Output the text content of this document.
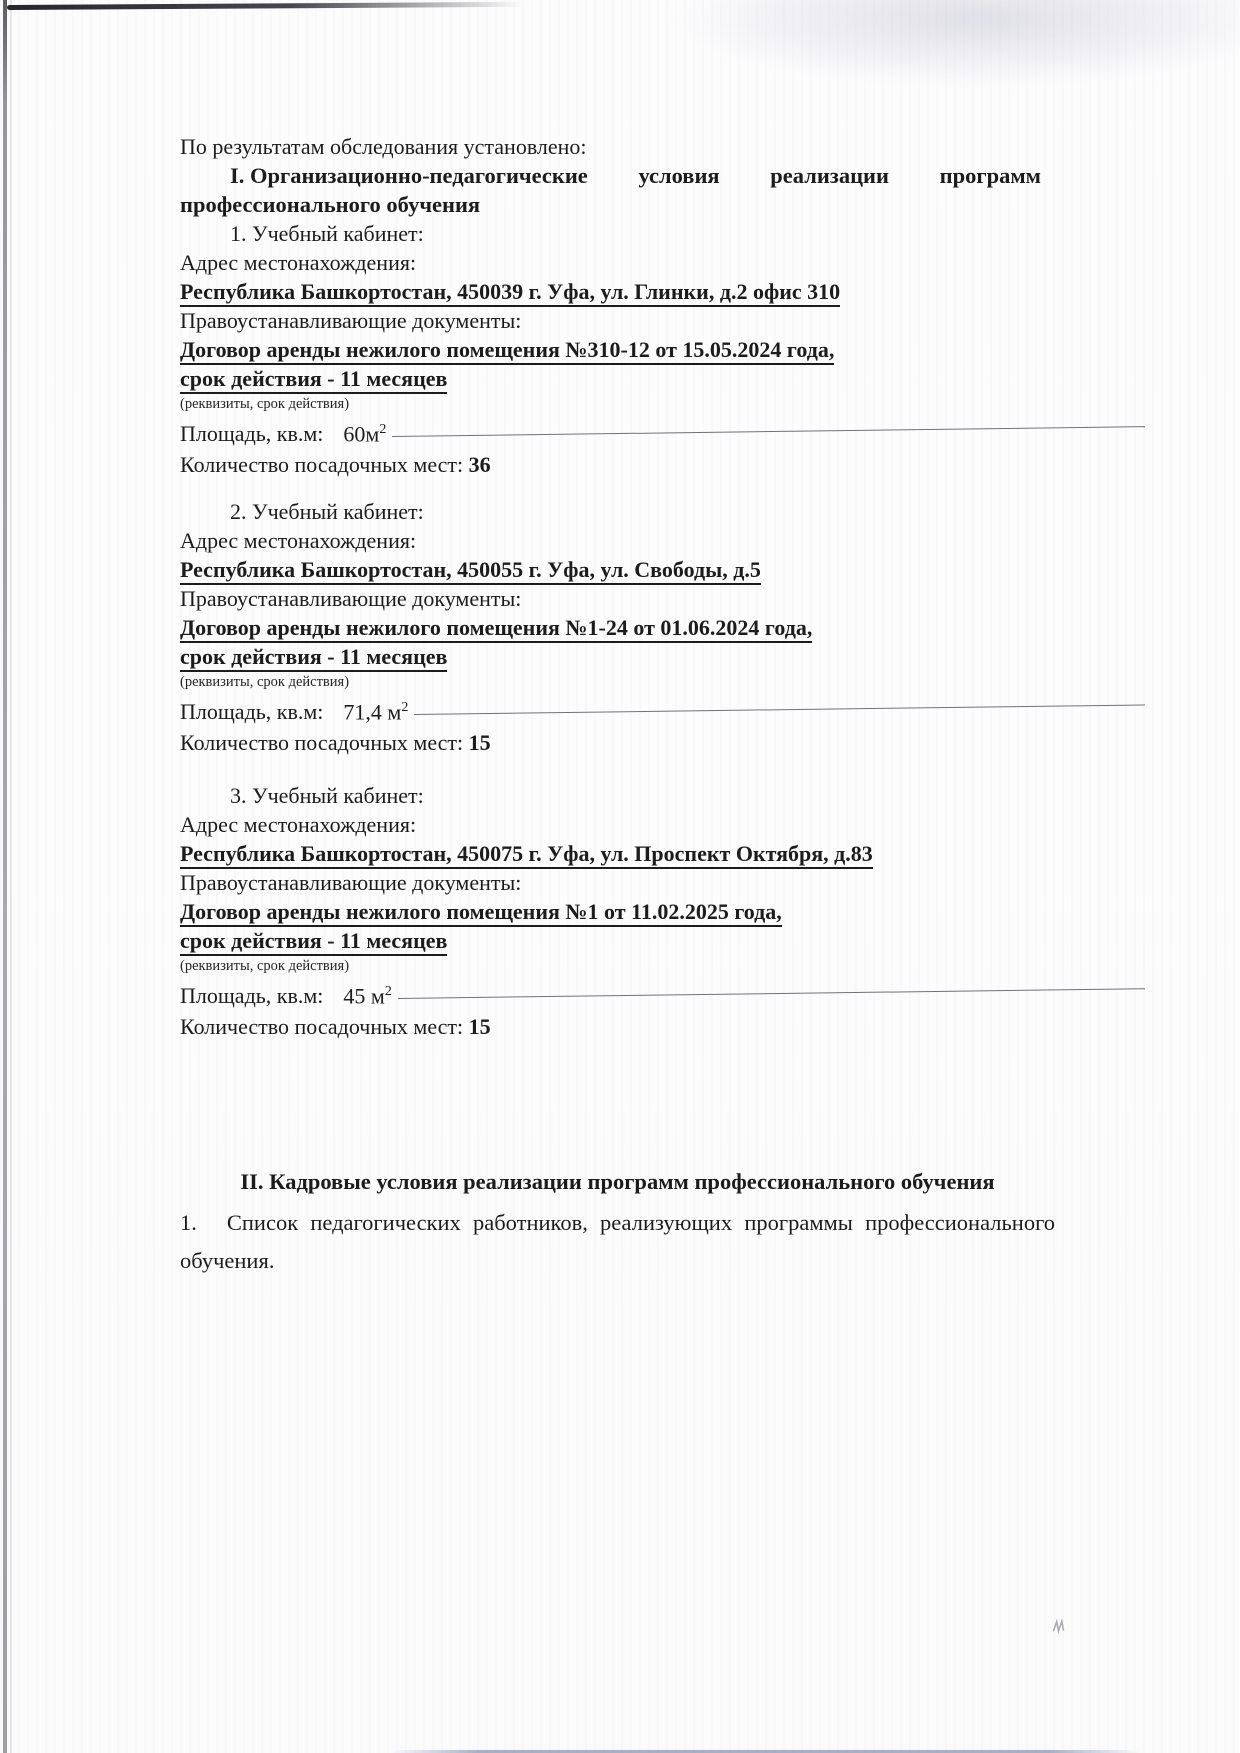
По результатам обследования установлено:

I. Организационно-педагогические условия реализации программ

профессионального обучения

1. Учебный кабинет:

Адрес местонахождения:

Республика Башкортостан, 450039 г. Уфа, ул. Глинки, д.2 офис 310

Правоустанавливающие документы:

Договор аренды нежилого помещения №310-12 от 15.05.2024 года,

срок действия - 11 месяцев

(реквизиты, срок действия)

Площадь, кв.м: $60м^2$

Количество посадочных мест: 36

2. Учебный кабинет:

Адрес местонахождения:

Республика Башкортостан, 450055 г. Уфа, ул. Свободы, д.5

Правоустанавливающие документы:

Договор аренды нежилого помещения №1-24 от 01.06.2024 года,

срок действия - 11 месяцев

(реквизиты, срок действия)

Площадь, кв.м: 71,4 $м^2$

Количество посадочных мест: 15

3. Учебный кабинет:

Адрес местонахождения:

Республика Башкортостан, 450075 г. Уфа, ул. Проспект Октября, д.83

Правоустанавливающие документы:

Договор аренды нежилого помещения №1 от 11.02.2025 года,

срок действия - 11 месяцев

(реквизиты, срок действия)

Площадь, кв.м: 45 $м^2$

Количество посадочных мест: 15

II. Кадровые условия реализации программ профессионального обучения

1. Список педагогических работников, реализующих программы профессионального

обучения.
